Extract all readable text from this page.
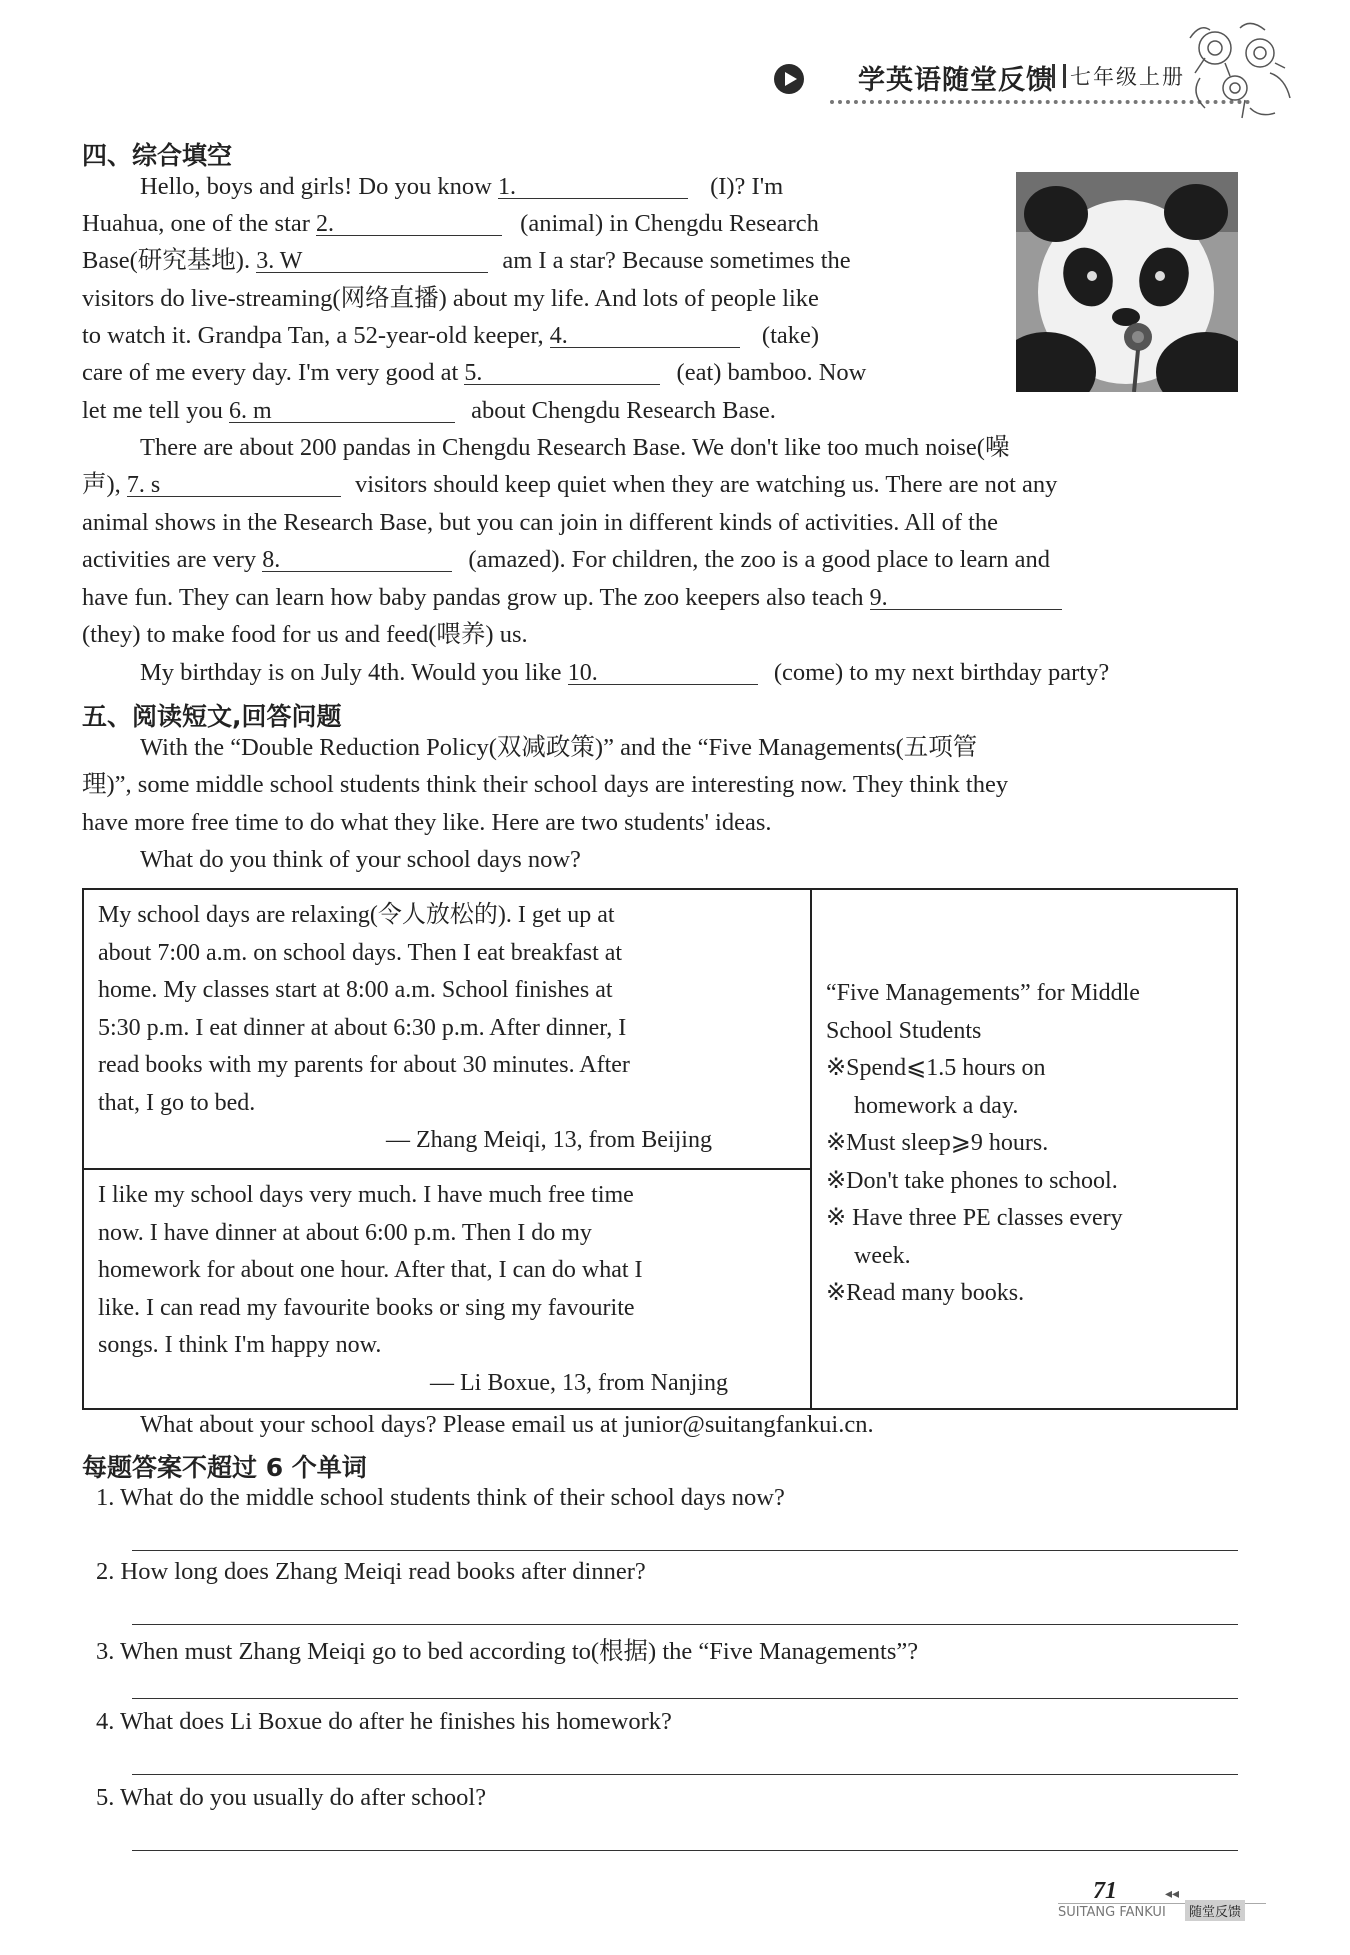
学英语随堂反馈 七年级上册
四、综合填空
Hello, boys and girls! Do you know 1.	(I)? I'm
Huahua, one of the star 2.	(animal) in Chengdu Research
Base(研究基地). 3. W	am I a star? Because sometimes the
visitors do live-streaming(网络直播) about my life. And lots of people like
to watch it. Grandpa Tan, a 52-year-old keeper, 4.	(take)
care of me every day. I'm very good at 5.	(eat) bamboo. Now
let me tell you 6. m	about Chengdu Research Base.
There are about 200 pandas in Chengdu Research Base. We don't like too much noise(噪
声), 7. s	visitors should keep quiet when they are watching us. There are not any
animal shows in the Research Base, but you can join in different kinds of activities. All of the
activities are very 8.	(amazed). For children, the zoo is a good place to learn and
have fun. They can learn how baby pandas grow up. The zoo keepers also teach 9.
(they) to make food for us and feed(喂养) us.
My birthday is on July 4th. Would you like 10.	(come) to my next birthday party?
五、阅读短文,回答问题
With the “Double Reduction Policy(双减政策)” and the “Five Managements(五项管
理)”, some middle school students think their school days are interesting now. They think they
have more free time to do what they like. Here are two students' ideas.
What do you think of your school days now?
My school days are relaxing(令人放松的). I get up at
about 7:00 a.m. on school days. Then I eat breakfast at
home. My classes start at 8:00 a.m. School finishes at
5:30 p.m. I eat dinner at about 6:30 p.m. After dinner, I
read books with my parents for about 30 minutes. After
that, I go to bed.
— Zhang Meiqi, 13, from Beijing
I like my school days very much. I have much free time
now. I have dinner at about 6:00 p.m. Then I do my
homework for about one hour. After that, I can do what I
like. I can read my favourite books or sing my favourite
songs. I think I'm happy now.
— Li Boxue, 13, from Nanjing
“Five Managements” for Middle
School Students
※Spend⩽1.5 hours on
homework a day.
※Must sleep⩾9 hours.
※Don't take phones to school.
※ Have three PE classes every
week.
※Read many books.
What about your school days? Please email us at junior@suitangfankui.cn.
每题答案不超过 6 个单词
1. What do the middle school students think of their school days now?
2. How long does Zhang Meiqi read books after dinner?
3. When must Zhang Meiqi go to bed according to(根据) the “Five Managements”?
4. What does Li Boxue do after he finishes his homework?
5. What do you usually do after school?
71	◂◂
SUITANG FANKUI	随堂反馈
